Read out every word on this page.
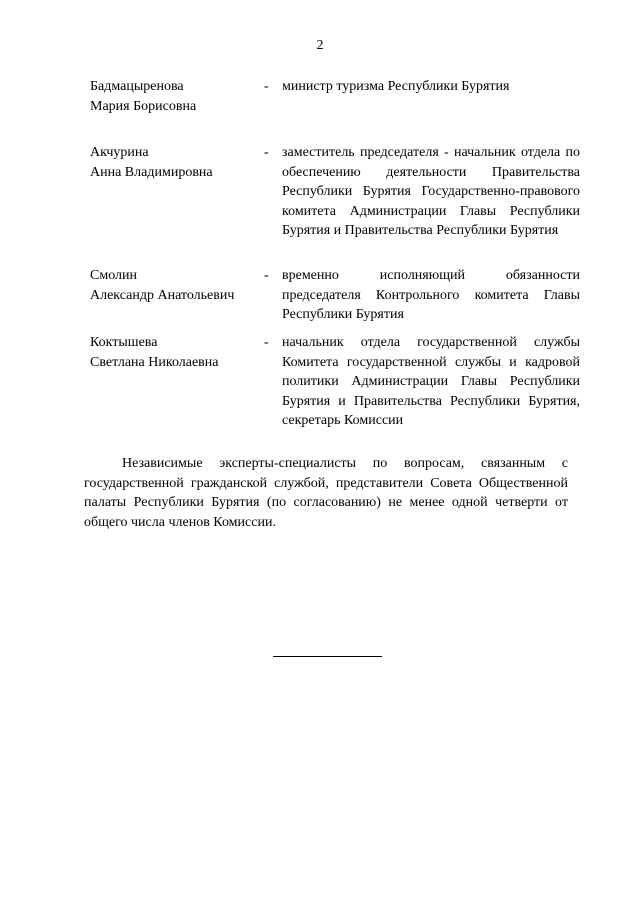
2
Бадмацыренова
Мария Борисовна
- министр туризма Республики Бурятия
Акчурина
Анна Владимировна
- заместитель председателя - начальник отдела по обеспечению деятельности Правительства Республики Бурятия Государственно-правового комитета Администрации Главы Республики Бурятия и Правительства Республики Бурятия
Смолин
Александр Анатольевич
- временно исполняющий обязанности председателя Контрольного комитета Главы Республики Бурятия
Коктышева
Светлана Николаевна
- начальник отдела государственной службы Комитета государственной службы и кадровой политики Администрации Главы Республики Бурятия и Правительства Республики Бурятия, секретарь Комиссии
Независимые эксперты-специалисты по вопросам, связанным с государственной гражданской службой, представители Совета Общественной палаты Республики Бурятия (по согласованию) не менее одной четверти от общего числа членов Комиссии.
